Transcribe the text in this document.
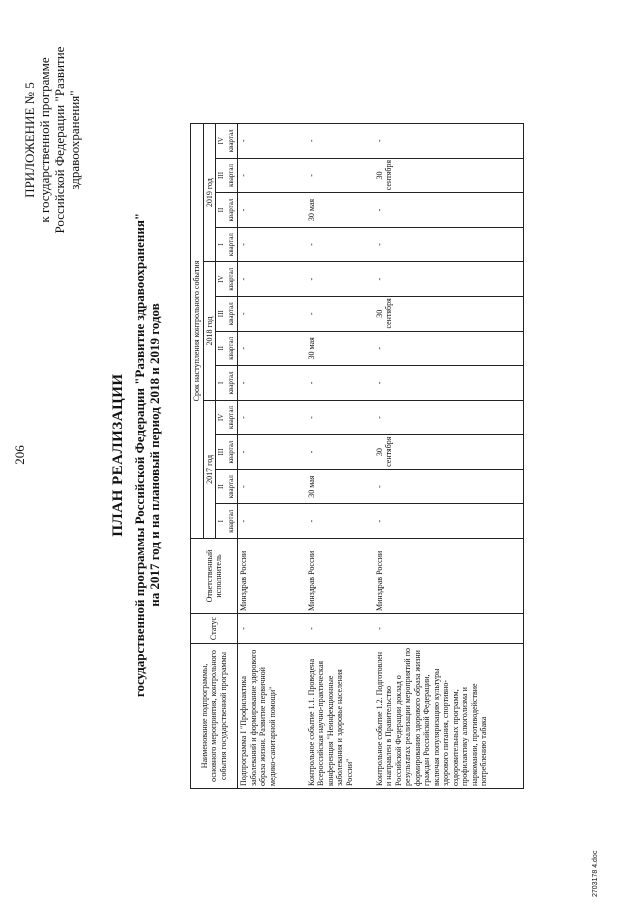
206
ПРИЛОЖЕНИЕ № 5 к государственной программе Российской Федерации "Развитие здравоохранения"
ПЛАН РЕАЛИЗАЦИИ государственной программы Российской Федерации "Развитие здравоохранения" на 2017 год и на плановый период 2018 и 2019 годов
Наименование подпрограммы, основного мероприятия, контрольного события государственной программы	Статус	Ответственный исполнитель	Срок наступления контрольного события											
			2017 год				2018 год				2019 год			
			I квартал	II квартал	III квартал	IV квартал	I квартал	II квартал	III квартал	IV квартал	I квартал	II квартал	III квартал	IV квартал
Подпрограмма I "Профилактика заболеваний и формирование здорового образа жизни. Развитие первичной медико-санитарной помощи"	-	Минздрав России	-	-	-	-	-	-	-	-	-	-	-	-
Контрольное событие 1.1. Проведена Всероссийская научно-практическая конференция "Неинфекционные заболевания и здоровье населения России"	-	Минздрав России	-	30 мая	-	-	-	30 мая	-	-	-	30 мая	-	-
Контрольное событие 1.2. Подготовлен и направлен в Правительство Российской Федерации доклад о результатах реализации мероприятий по формированию здорового образа жизни граждан Российской Федерации, включая популяризацию культуры здорового питания, спортивно-оздоровительных программ, профилактику алкоголизма и наркомании, противодействие потреблению табака	-	Минздрав России	-	-	30 сентября	-	-	-	30 сентября	-	-	-	30 сентября	-
2703178 4.doc
